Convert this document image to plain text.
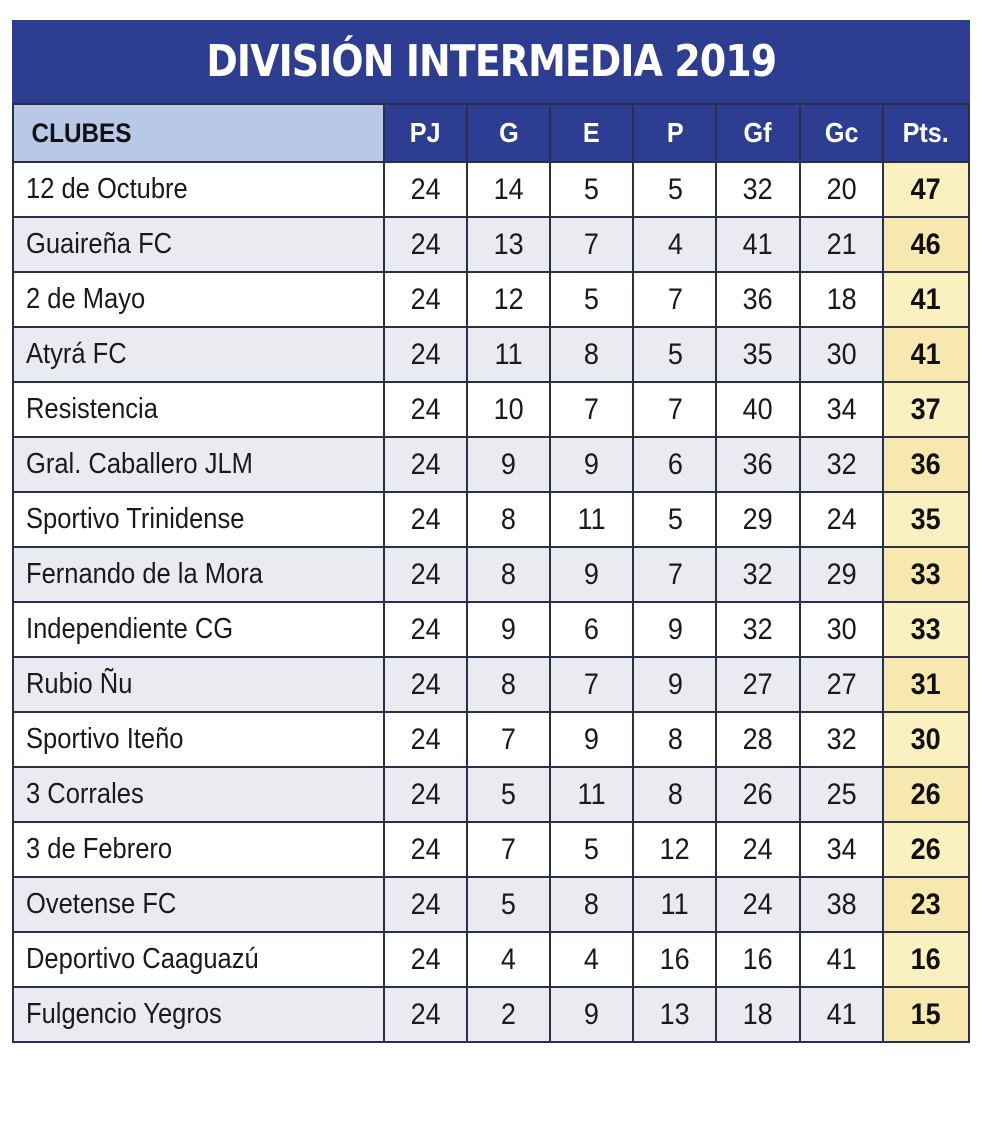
DIVISIÓN INTERMEDIA 2019
CLUBES	PJ	G	E	P	Gf	Gc	Pts.
12 de Octubre	24	14	5	5	32	20	47
Guaireña FC	24	13	7	4	41	21	46
2 de Mayo	24	12	5	7	36	18	41
Atyrá FC	24	11	8	5	35	30	41
Resistencia	24	10	7	7	40	34	37
Gral. Caballero JLM	24	9	9	6	36	32	36
Sportivo Trinidense	24	8	11	5	29	24	35
Fernando de la Mora	24	8	9	7	32	29	33
Independiente CG	24	9	6	9	32	30	33
Rubio Ñu	24	8	7	9	27	27	31
Sportivo Iteño	24	7	9	8	28	32	30
3 Corrales	24	5	11	8	26	25	26
3 de Febrero	24	7	5	12	24	34	26
Ovetense FC	24	5	8	11	24	38	23
Deportivo Caaguazú	24	4	4	16	16	41	16
Fulgencio Yegros	24	2	9	13	18	41	15
